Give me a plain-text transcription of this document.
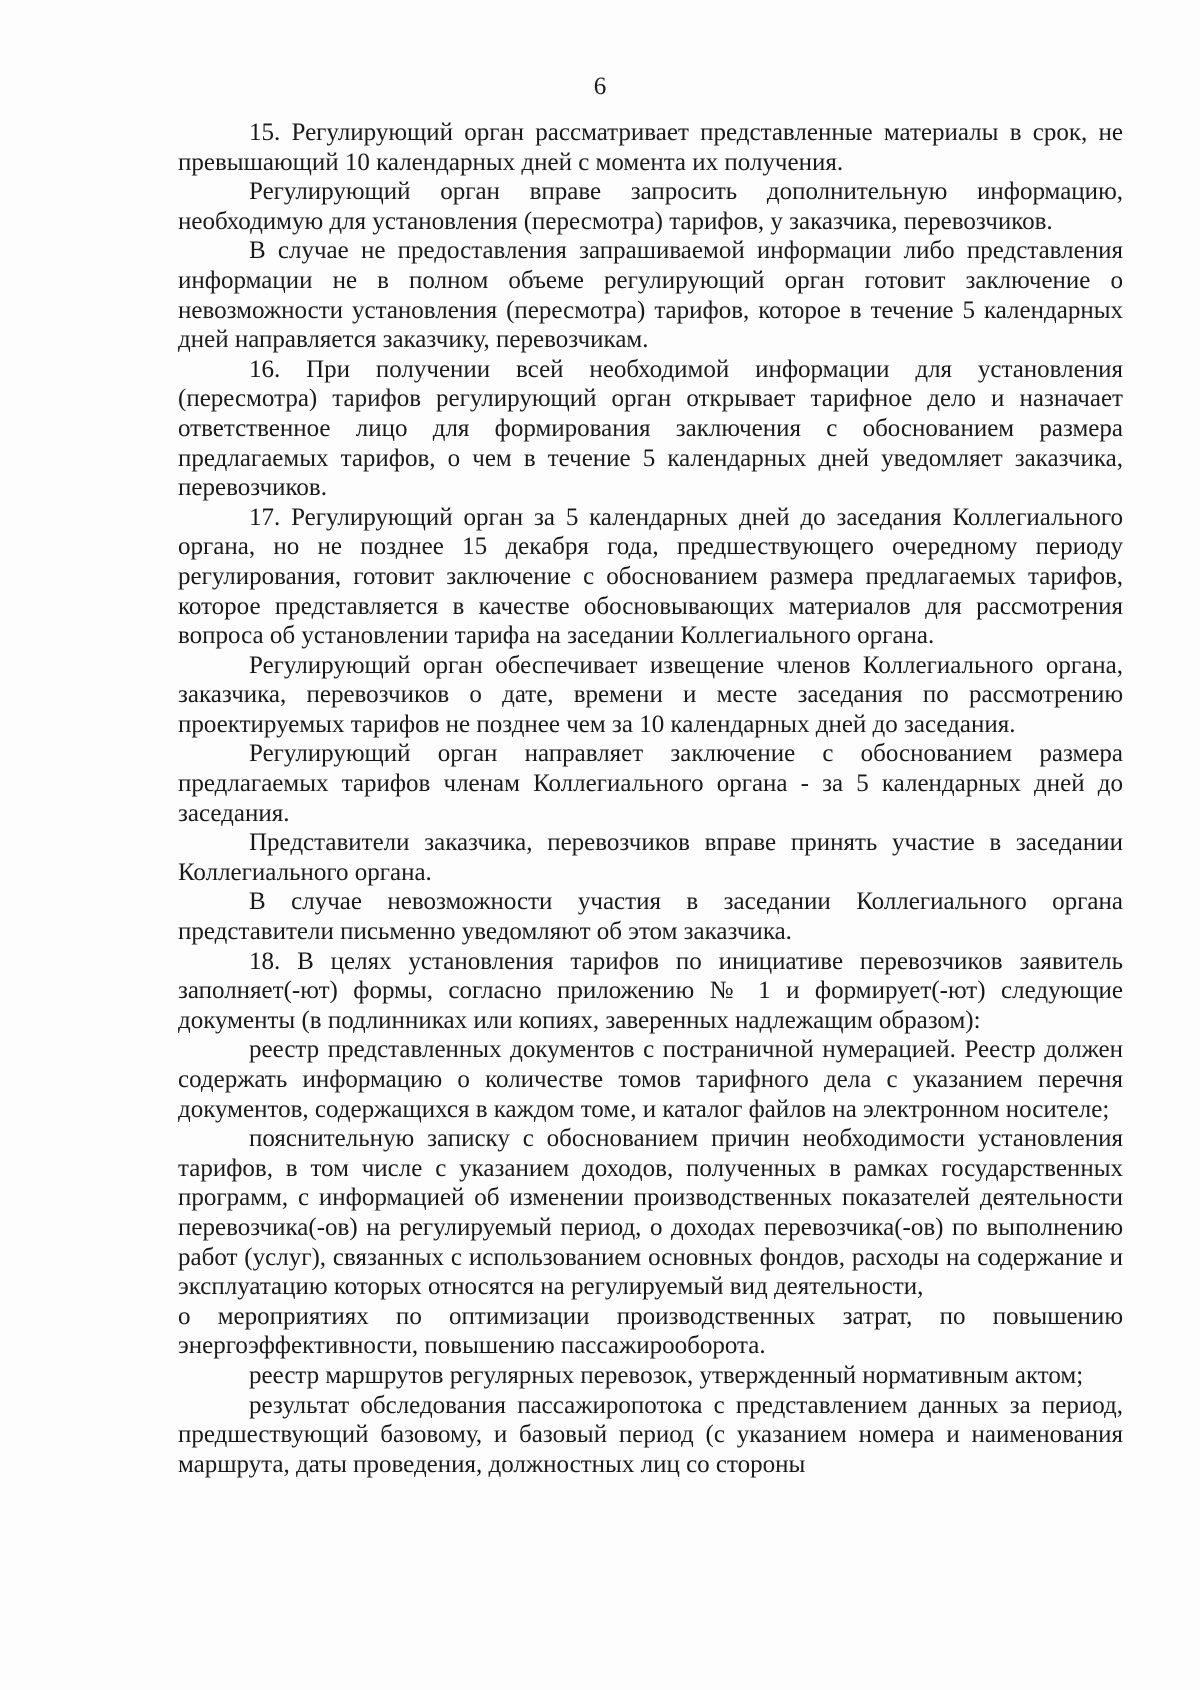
6

15. Регулирующий орган рассматривает представленные материалы в срок, не превышающий 10 календарных дней с момента их получения.

Регулирующий орган вправе запросить дополнительную информацию, необходимую для установления (пересмотра) тарифов, у заказчика, перевозчиков.

В случае не предоставления запрашиваемой информации либо представления информации не в полном объеме регулирующий орган готовит заключение о невозможности установления (пересмотра) тарифов, которое в течение 5 календарных дней направляется заказчику, перевозчикам.

16. При получении всей необходимой информации для установления (пересмотра) тарифов регулирующий орган открывает тарифное дело и назначает ответственное лицо для формирования заключения с обоснованием размера предлагаемых тарифов, о чем в течение 5 календарных дней уведомляет заказчика, перевозчиков.

17. Регулирующий орган за 5 календарных дней до заседания Коллегиального органа, но не позднее 15 декабря года, предшествующего очередному периоду регулирования, готовит заключение с обоснованием размера предлагаемых тарифов, которое представляется в качестве обосновывающих материалов для рассмотрения вопроса об установлении тарифа на заседании Коллегиального органа.

Регулирующий орган обеспечивает извещение членов Коллегиального органа, заказчика, перевозчиков о дате, времени и месте заседания по рассмотрению проектируемых тарифов не позднее чем за 10 календарных дней до заседания.

Регулирующий орган направляет заключение с обоснованием размера предлагаемых тарифов членам Коллегиального органа - за 5 календарных дней до заседания.

Представители заказчика, перевозчиков вправе принять участие в заседании Коллегиального органа.

В случае невозможности участия в заседании Коллегиального органа представители письменно уведомляют об этом заказчика.

18. В целях установления тарифов по инициативе перевозчиков заявитель заполняет(-ют) формы, согласно приложению № 1 и формирует(-ют) следующие документы (в подлинниках или копиях, заверенных надлежащим образом):

реестр представленных документов с постраничной нумерацией. Реестр должен содержать информацию о количестве томов тарифного дела с указанием перечня документов, содержащихся в каждом томе, и каталог файлов на электронном носителе;

пояснительную записку с обоснованием причин необходимости установления тарифов, в том числе с указанием доходов, полученных в рамках государственных программ, с информацией об изменении производственных показателей деятельности перевозчика(-ов) на регулируемый период, о доходах перевозчика(-ов) по выполнению работ (услуг), связанных с использованием основных фондов, расходы на содержание и эксплуатацию которых относятся на регулируемый вид деятельности,

о мероприятиях по оптимизации производственных затрат, по повышению энергоэффективности, повышению пассажирооборота.

реестр маршрутов регулярных перевозок, утвержденный нормативным актом;

результат обследования пассажиропотока с представлением данных за период, предшествующий базовому, и базовый период (с указанием номера и наименования маршрута, даты проведения, должностных лиц со стороны
